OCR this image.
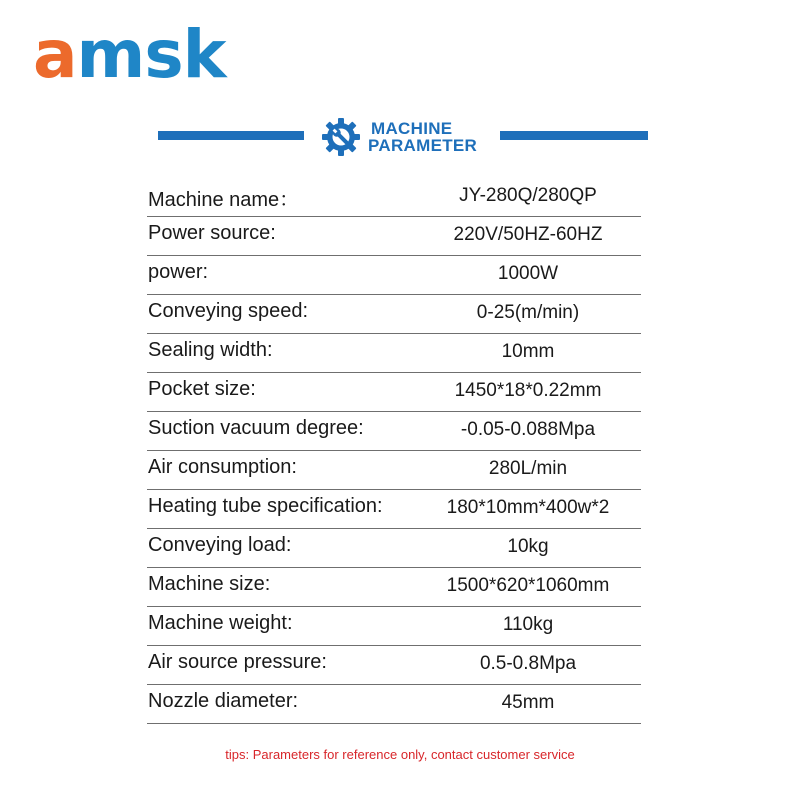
amsk
MACHINE
PARAMETER
Machine name：	JY-280Q/280QP
Power source:	220V/50HZ-60HZ
power:	1000W
Conveying speed:	0-25(m/min)
Sealing width:	10mm
Pocket size:	1450*18*0.22mm
Suction vacuum degree:	-0.05-0.088Mpa
Air consumption:	280L/min
Heating tube specification:	180*10mm*400w*2
Conveying load:	10kg
Machine size:	1500*620*1060mm
Machine weight:	110kg
Air source pressure:	0.5-0.8Mpa
Nozzle diameter:	45mm
tips: Parameters for reference only, contact customer service
